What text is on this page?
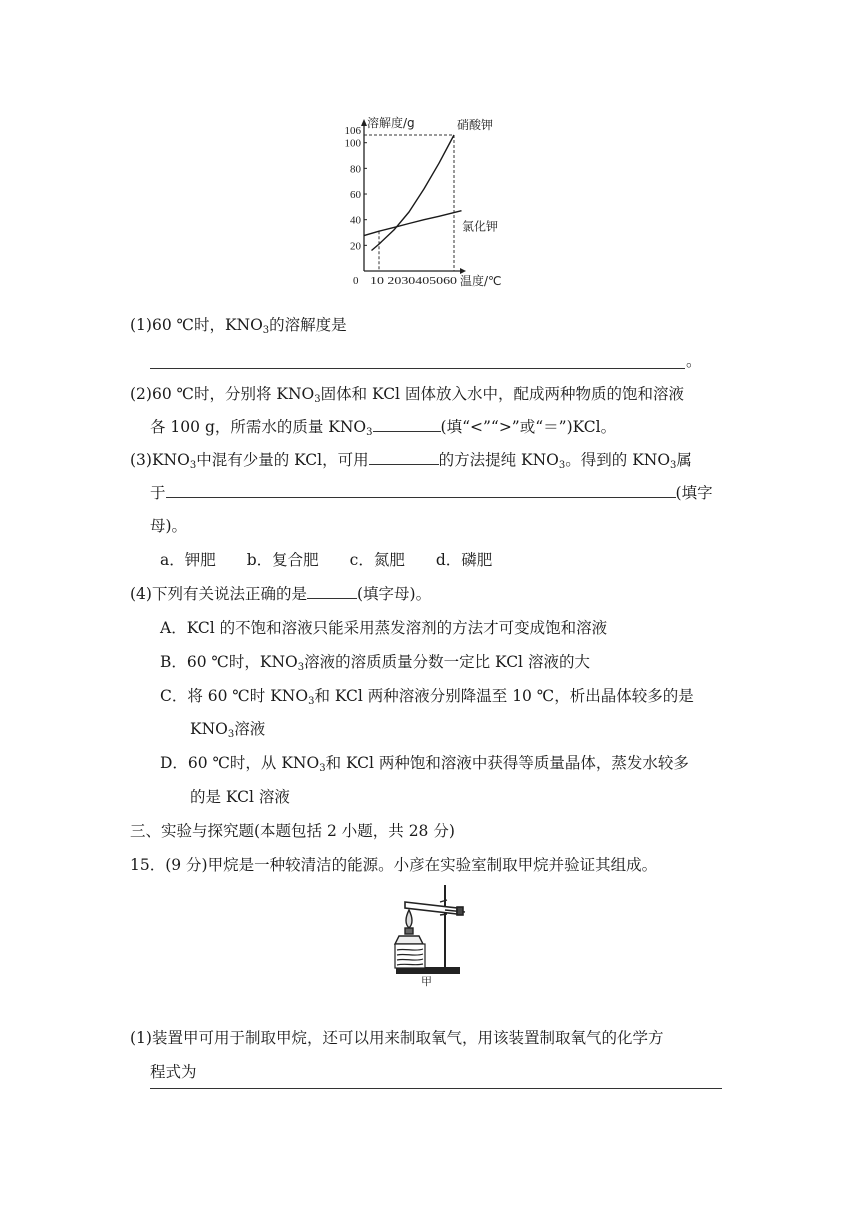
106
100
80
60
40
20
溶解度/g	硝酸钾
氯化钾
0 10 2030405060 温度/℃
(1)60 ℃时，$KNO_3$的溶解度是
。
(2)60 ℃时，分别将 $KNO_3$固体和 KCl 固体放入水中，配成两种物质的饱和溶液
各 100 g，所需水的质量 $KNO_3$	(填“<”“>”或“＝”)KCl。
$(3)KNO_3$中混有少量的 KCl，可用	的方法提纯 $KNO_3$。得到的 $KNO_3$属
于	(填字
母)。
a．钾肥　　b．复合肥　　c．氮肥　　d．磷肥
(4)下列有关说法正确的是	(填字母)。
A．KCl 的不饱和溶液只能采用蒸发溶剂的方法才可变成饱和溶液
B．60 ℃时，$KNO_3$溶液的溶质质量分数一定比 KCl 溶液的大
C．将 60 ℃时 $KNO_3$和 KCl 两种溶液分别降温至 10 ℃，析出晶体较多的是
$KNO_3$溶液
D．60 ℃时，从 $KNO_3$和 KCl 两种饱和溶液中获得等质量晶体，蒸发水较多
的是 KCl 溶液
三、实验与探究题(本题包括 2 小题，共 28 分)
15．(9 分)甲烷是一种较清洁的能源。小彦在实验室制取甲烷并验证其组成。
甲
(1)装置甲可用于制取甲烷，还可以用来制取氧气，用该装置制取氧气的化学方
程式为
